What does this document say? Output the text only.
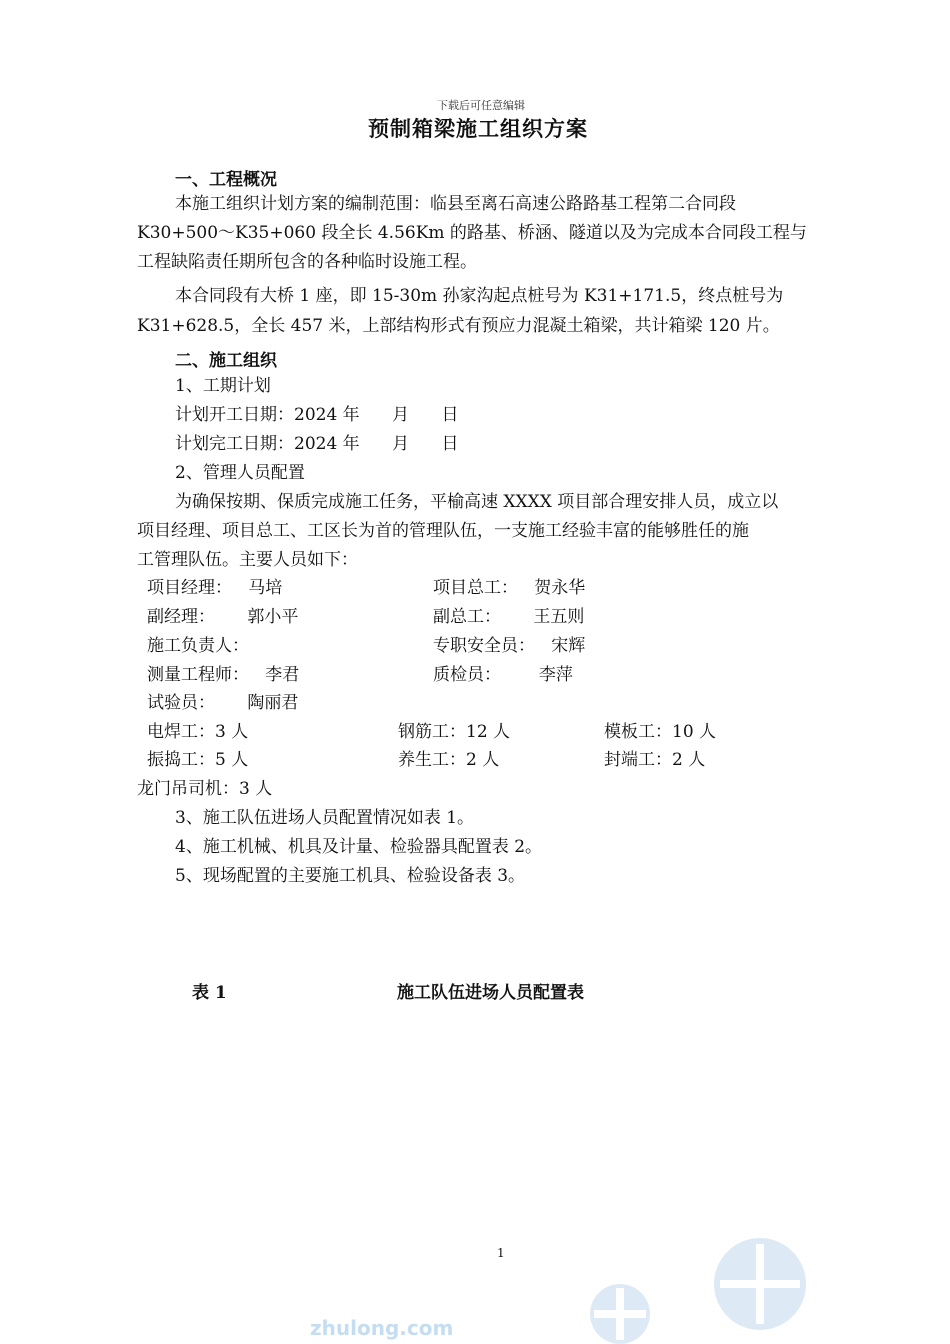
下载后可任意编辑
预制箱梁施工组织方案
一、工程概况
本施工组织计划方案的编制范围：临县至离石高速公路路基工程第二合同段
K30+500～K35+060 段全长 4.56Km 的路基、桥涵、隧道以及为完成本合同段工程与
工程缺陷责任期所包含的各种临时设施工程。
本合同段有大桥 1 座，即 15-30m 孙家沟起点桩号为 K31+171.5，终点桩号为
K31+628.5，全长 457 米，上部结构形式有预应力混凝土箱梁，共计箱梁 120 片。
二、施工组织
1、工期计划
计划开工日期：2024 年      月      日
计划完工日期：2024 年      月      日
2、管理人员配置
为确保按期、保质完成施工任务，平榆高速 XXXX 项目部合理安排人员，成立以
项目经理、项目总工、工区长为首的管理队伍，一支施工经验丰富的能够胜任的施
工管理队伍。主要人员如下：
项目经理：   马培	项目总工：   贺永华
副经理：      郭小平	副总工：      王五则
施工负责人：	专职安全员：   宋辉
测量工程师：   李君	质检员：       李萍
试验员：      陶丽君
电焊工：3 人	钢筋工：12 人	模板工：10 人
振捣工：5 人	养生工：2 人	封端工：2 人
龙门吊司机：3 人
3、施工队伍进场人员配置情况如表 1。
4、施工机械、机具及计量、检验器具配置表 2。
5、现场配置的主要施工机具、检验设备表 3。
表 1	施工队伍进场人员配置表
1
zhulong.com
